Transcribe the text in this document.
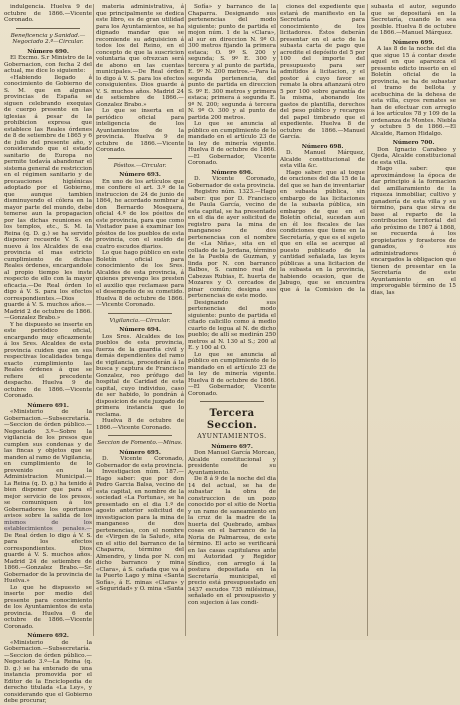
indulgencia. Huelva 9 de octubre de 1866.—Vicente Coronado.

Beneficencia y Sanidad.—Negociado 2.º—Circular.

Número 690.

El Excmo. S.r Ministro de la Gobernacion, con fecha 2 del actual, me dice lo siguiente:

«Habiendo llegado á conocimiento de Gobierno de S. M. que en algunas provincias de España se siguen celebrando exequias de cuerpo presente en las iglesias á pesar de la prohibicion expresa que establece las Reales órdenes de 8 de setiembre de 1865 y 6 de julio del presente año, y considerando que el estado sanitario de Europa no permite todavía abandonar el sistema general de restriccion en el régimen sanitario y de precauciones higiénicas adoptado por el Gobierno, que aunque tambien disminuyendo el cólera en la mayor parte del mundo, debe temerse aun la propagacion por las dichas reuniones en los templos, etc., S. M. la Reina (q. D. g.) se ha servido disponer recuerde V. S. de nuevo á los Alcaldes de esa provincia el mas estricto cumplimiento de dichas Reales órdenes, encargandole al propio tiempo les inste respecto de ello con la mayor eficacia.—De Real órden lo digo á V. S. para los efectos correspondientes.—Dios guarde á V. S. muchos años.—Madrid 2 de octubre de 1866.—Gonzalez Brabo.»

Y he dispuesto se inserte en este periódico oficial, encargando muy eficazmente á los Sres. Alcaldes de esta provincia cuiden que en sus respectivas localidades tenga exacto cumplimiento las Reales órdenes á que se refiere el precedente despacho. Huelva 9 de octubre de 1866.—Vicente Coronado.

Número 691.

«Ministerio de la Gobernacion.—Subsecretaría.—Seccion de órden público.—Negociado 3.º—Sobre la vigilancia de los presos que cumplen sus condenas y de las fincas y objetos que se manden al ramo de Vigilancia, en cumplimiento de lo prevenido en la Administracion Municipal.—La Reina (q. D. g.) ha tenido á bien disponer que para el mejor servicio de los presos, se comuniquen á los Gobernadores los oportunos avisos sobre la salida de los mismos de los establecimientos penales.—De Real órden lo digo á V. S. para los efectos correspondientes. Dios guarde á V. S. muchos años. Madrid 24 de setiembre de 1866.—Gonzalez Brabo.—Sr. Gobernador de la provincia de Huelva.»

Lo que he dispuesto se inserte por medio del presente para conocimiento de los Ayuntamientos de esta provincia. Huelva 6 de octubre de 1866.—Vicente Coronado.

Número 692.

«Ministerio de la Gobernacion.—Subsecretaría.—Seccion de órden público.—Negociado 3.º—La Reina (q. D. g.) se ha enterado de una instancia promovida por el Editor de la Enciclopedia de derecho titulada «La Ley», y considerando que el Gobierno debe procurar,

materia administrativa, á que principalmente se dedica este libro, es de gran utilidad para los Ayuntamientos, se ha dignado mandar que se recomiende su adquisicion á todos los del Reino, en el concepto de que la suscricion voluntaria que ofrezcan será de abono en las cuentas municipales.—De Real órden lo digo á V. S. para los efectos consiguientes. Dios guarde á V. S. muchos años. Madrid 24 de setiembre de 1866.—Gonzalez Brabo.»

Lo que se inserta en el periódico oficial para inteligencia de los Ayuntamientos de la provincia. Huelva 9 de octubre de 1866.—Vicente Coronado.

Pósitos.—Circular.

Número 693.

En uno de los artículos que me confiere el art. 3.º de la instruccion de 24 de junio de 1864, he acordado nombrar á don Bernardo Mosquera, oficial 4.º de los pósitos de este provincia, para que como Visitador pase á examinar los pósitos de los pueblos de esta provincia, con el sueldo de cuatro escudos diarios.

Lo que hago público en este Boletín oficial para conocimiento de los Sres. Alcaldes de esta provincia, á quienes prevengo les presten el auxilio que reclamase para el desempeño de su cometido. Huelva 8 de octubre de 1866.—Vicente Coronado.

Vigilancia.—Circular.

Número 694.

Los Sres. Alcaldes de los pueblos de esta provincia, fuerza de la guardia civil y demás dependientes del ramo de vigilancia, procederán á la busca y captura de Francisco Gonzalez, reo prófugo del hospital de Caridad de esta capital, cuyo individuo, caso de ser habido, lo pondrán á disposicion de este juzgado de primera instancia que lo reclama.

Huelva 8 de octubre de 1866.—Vicente Coronado.

Seccion de Fomento.—Minas.

Número 695.

D. Vicente Coronado, Gobernador de esta provincia.

Investigacion núm. 187.—Hago saber: que por don Pedro Garcia Balsa, vecino de esta capital, en nombre de la sociedad «La Fortuna», se ha presentado en el dia 1.º de agosto anterior solicitud de investigacion para la mina de manganeso de dos pertenencias, con el nombre de «Virgen de la Salud», sita en el sitio del barranco de la Chaparra, término del Almendro, y linda por N. con dicho barranco y mina «Clara», á S. cañada que va á la Puerto Lago y mina «Santa Sofía», á E. minas «Clara» y «Seguridad» y O. mina «Santa

Sofía» y barranco de la Chaparra. Designando sus pertenencias del modo siguiente: punto de partida el mojon núm. 1 de la «Clara», al sur en direccion N. 9º O. 300 metros fijando la primera estaca; O. 9º S. 200 y segunda; S. 9º E. 300 y tercera y al punto de partida, E. 9º N. 200 metros.—Para la segunda pertenencia, del punto de partida en direccion S. 9º E. 300 metros y primera estaca; primera á segunda E. 9º N. 200; segunda á tercera N. 9º O. 300 y al punto de partida 200 metros.

Lo que se anuncia al público en cumplimiento de lo mandado en el artículo 23 de la ley de minería vigente. Huelva 8 de octubre de 1866.—El Gobernador, Vicente Coronado.

Número 696.

D. Vicente Coronado, Gobernador de esta provincia.

Registro núm. 1323.—Hago saber: que por D. Francisco de Paula García, vecino de esta capital, se ha presentado en el dia de ayer solicitud de registro para la mina de manganeso de dos pertenencias con el nombre de «La Niña», sita en el collado de la Jordana, término de la Puebla de Guzman, y linda por N. con barranco Balbos, S. camino real de Cabezas Rubias, E. huerta de Mozares y O. cercados de pinar común; designa sus pertenencias de este modo.

Designando sus pertenencias del modo siguiente: punto de partida el citado calicillo como á medio cuarto de legua al N. de dicho pueblo; de allí se medirán 250 metros al N. 130 al S.; 200 al E. y 100 al O.

Lo que se anuncia al público en cumplimiento de lo mandado en el artículo 23 de la ley de minería vigente. Huelva 8 de octubre de 1866.—El Gobernador, Vicente Coronado.

Tercera Seccion.

AYUNTAMIENTOS.

Número 697.

Don Manuel García Morcao, Alcalde constitucional y presidente de su Ayuntamiento.

De 8 á 9 de la noche del dia 14 del actual, se ha de subastar la obra de construccion de un pozo conocido por el sitio de Nortia y un ramo de saneamiento en la cruz de la madre de la huerta del Quebrado, ambas cosas en el barranco de la Noria de Palmarosa, de este término. El acto se verificará en las casas capitulares ante mi Autoridad y Regidor Síndico, con arreglo á la postura depositada en la Secretaría municipal, el precio está presupuestado en 3437 escudos 735 milésimas, señalado en el presupuesto y con sujecion á las condi-

ciones del expediente que estará de manifiesto en la Secretaría para conocimiento de los licitadores. Éstos deberán presentar en el acto de la subasta carta de pago que acredite el depósito del 5 por 100 del importe del presupuesto para ser admitidos á licitacion, y el postor á cuyo favor se remate la obra afianzará otro 5 por 100 sobre garantía de la misma, abonando los gastos de plantilla, derechos del peso público y recargos del papel timbrado que el expediente. Huelva 8 de octubre de 1866.—Manuel García.

Número 698.

D. Manuel Márquez, Alcalde constitucional de esta villa &c.

Hago saber: que al toque de oraciones del dia 15 de la del que se han de inventariar en subasta pública, sin embargo de las licitaciones de la subasta pública, sin embargo de que en el Boletín oficial, sucedan aun en él los fiscales de las condiciones que tiene en la Secretaría, y que es el sujeto que en ella se acerque al puesto publicado de la cantidad señalada, las leyes públicas a una licitacion de la subasta en la provincia, habiendo ocasion, que de Jabugo, que se encuentra que á la Comision de la subasta el autor, segundo que se depositará en la Secretaría, cuando le sea posible. Huelva 8 de octubre de 1866.—Manuel Márquez.

Número 699.

A las 8 de la noche del dia que sigue 15 á contar desde aquel en que aparezca el presente edicto inserto en el Boletín oficial de la provincia, se ha de subastar el tramo de bellota y acebuchina de la dehesa de esta villa, cuyos remates se han de efectuar con arreglo á los artículos 78 y 109 de la ordenanza de Montes. Niebla y octubre 5 de 1866.—El Alcalde, Ramon Hidalgo.

Número 700.

Don Ignacio Carabeo y Ojeda, Alcalde constitucional de esta villa.

Hago saber: que aproximándose la época de dar principio á la formacion del amillaramiento de la riqueza inmobiliar, cultivo y ganadería de esta villa y su término, para que sirva de base al reparto de la contribucion territorial del año próximo de 1867 á 1868, se recuerda á los propietarios y forasteros de ganados, ó sus administradores ó encargados la obligacion que tienen de presentar en la Secretaría de este Ayuntamiento en el improrogable término de 15 dias, las
